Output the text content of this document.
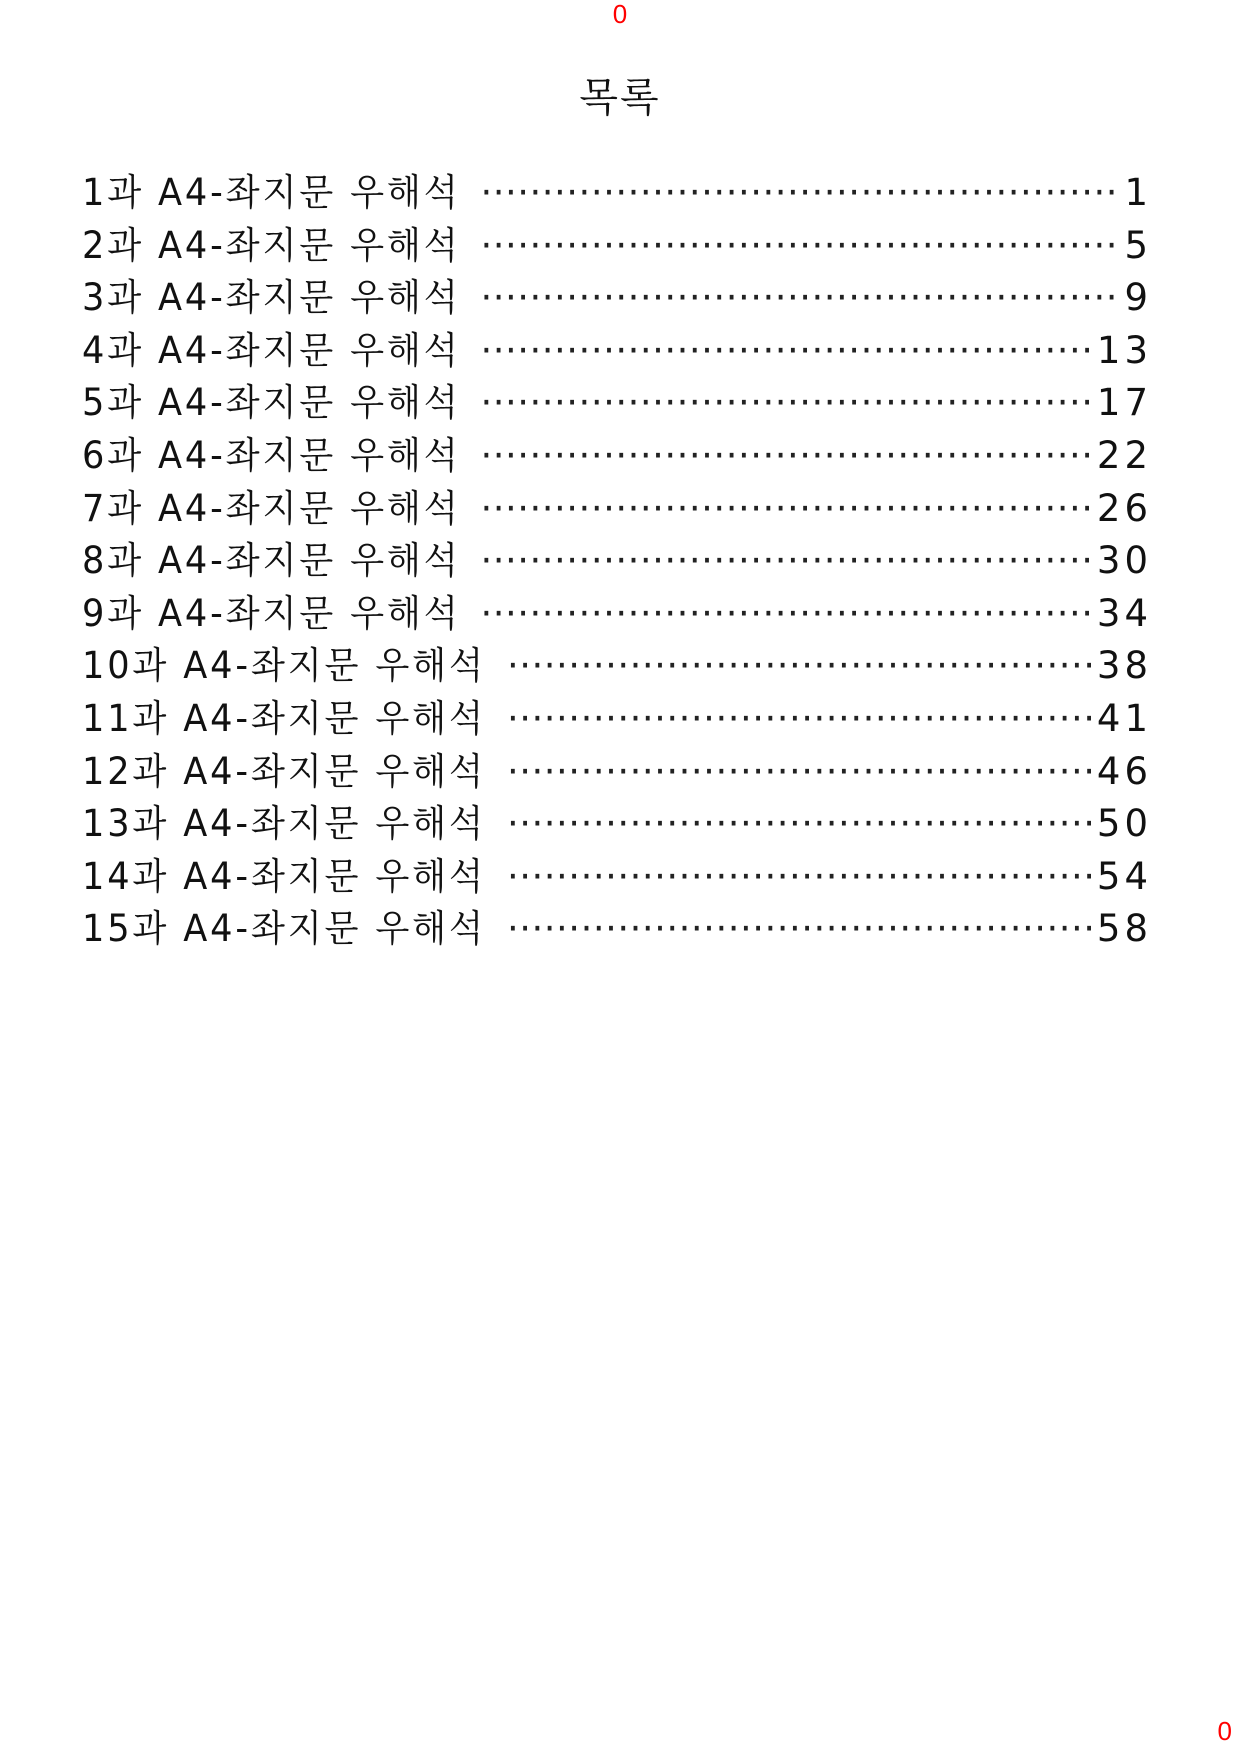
0
목록
1과 A4-좌지문 우해석 ·····	1
2과 A4-좌지문 우해석 ·····	5
3과 A4-좌지문 우해석 ·····	9
4과 A4-좌지문 우해석 ·····	13
5과 A4-좌지문 우해석 ·····	17
6과 A4-좌지문 우해석 ·····	22
7과 A4-좌지문 우해석 ·····	26
8과 A4-좌지문 우해석 ·····	30
9과 A4-좌지문 우해석 ·····	34
10과 A4-좌지문 우해석 ·····	38
11과 A4-좌지문 우해석 ·····	41
12과 A4-좌지문 우해석 ·····	46
13과 A4-좌지문 우해석 ·····	50
14과 A4-좌지문 우해석 ·····	54
15과 A4-좌지문 우해석 ·····	58
0
